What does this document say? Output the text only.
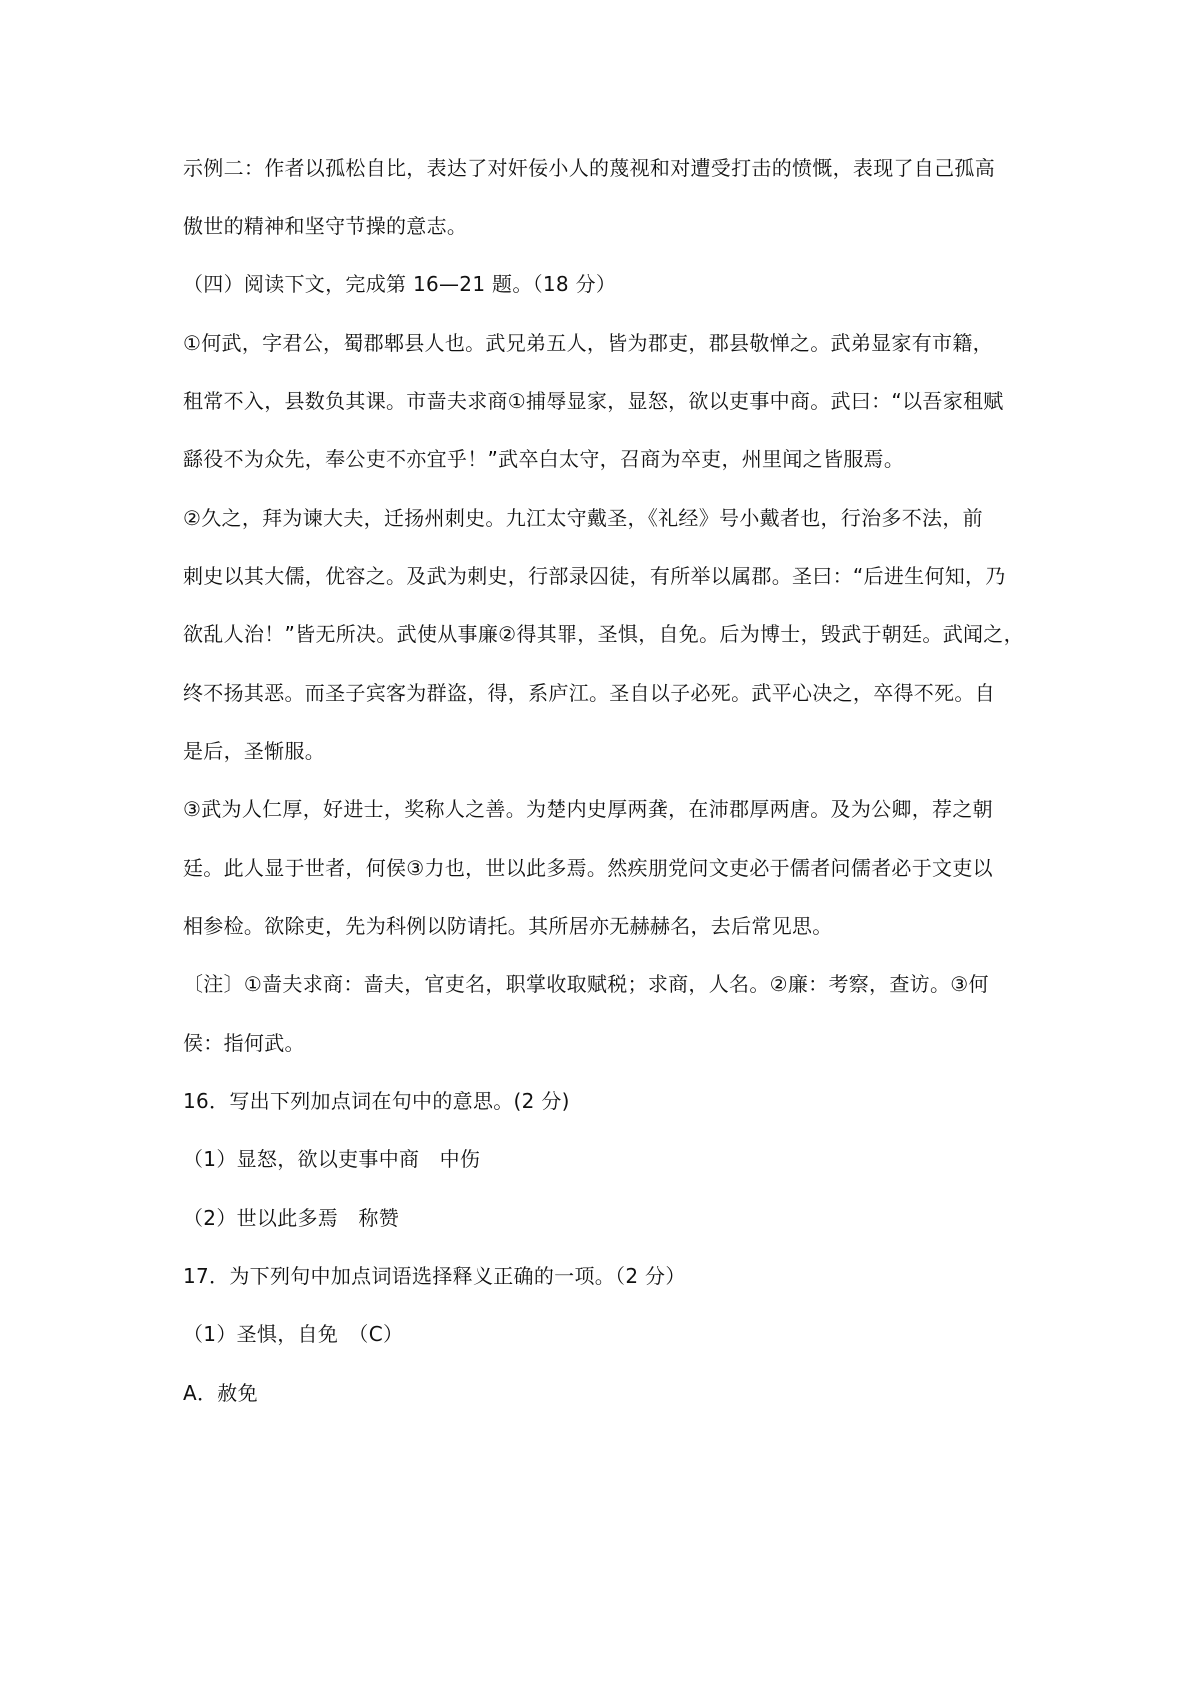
示例二：作者以孤松自比，表达了对奸佞小人的蔑视和对遭受打击的愤慨，表现了自己孤高
傲世的精神和坚守节操的意志。
（四）阅读下文，完成第 16—21 题。（18 分）
①何武，字君公，蜀郡郫县人也。武兄弟五人，皆为郡吏，郡县敬惮之。武弟显家有市籍，
租常不入，县数负其课。市啬夫求商①捕辱显家，显怒，欲以吏事中商。武曰：“以吾家租赋
繇役不为众先，奉公吏不亦宜乎！”武卒白太守，召商为卒吏，州里闻之皆服焉。
②久之，拜为谏大夫，迁扬州刺史。九江太守戴圣，《礼经》号小戴者也，行治多不法，前
刺史以其大儒，优容之。及武为刺史，行部录囚徒，有所举以属郡。圣曰：“后进生何知，乃
欲乱人治！”皆无所决。武使从事廉②得其罪，圣惧，自免。后为博士，毁武于朝廷。武闻之，
终不扬其恶。而圣子宾客为群盗，得，系庐江。圣自以子必死。武平心决之，卒得不死。自
是后，圣惭服。
③武为人仁厚，好进士，奖称人之善。为楚内史厚两龚，在沛郡厚两唐。及为公卿，荐之朝
廷。此人显于世者，何侯③力也，世以此多焉。然疾朋党问文吏必于儒者问儒者必于文吏以
相参检。欲除吏，先为科例以防请托。其所居亦无赫赫名，去后常见思。
〔注〕①啬夫求商：啬夫，官吏名，职掌收取赋税；求商，人名。②廉：考察，查访。③何
侯：指何武。
16．写出下列加点词在句中的意思。(2 分)
（1）显怒，欲以吏事中商　中伤
（2）世以此多焉　称赞
17．为下列句中加点词语选择释义正确的一项。（2 分）
（1）圣惧，自免　（C）
A．赦免
